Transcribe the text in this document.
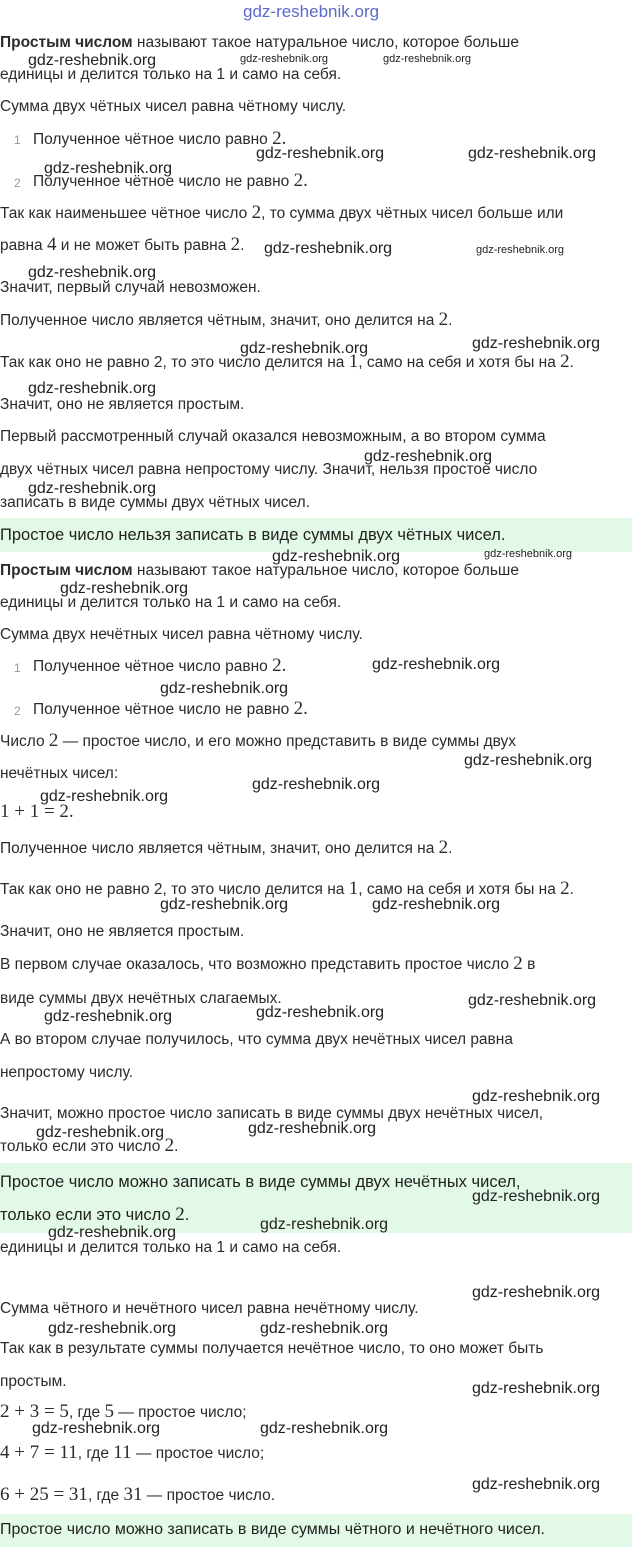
gdz-reshebnik.org
Простым числом называют такое натуральное число, которое больше
единицы и делится только на 1 и само на себя.
Сумма двух чётных чисел равна чётному числу.
1 Полученное чётное число равно 2.
2 Полученное чётное число не равно 2.
Так как наименьшее чётное число 2, то сумма двух чётных чисел больше или
равна 4 и не может быть равна 2.
Значит, первый случай невозможен.
Полученное число является чётным, значит, оно делится на 2.
Так как оно не равно 2, то это число делится на 1, само на себя и хотя бы на 2.
Значит, оно не является простым.
Первый рассмотренный случай оказался невозможным, а во втором сумма
двух чётных чисел равна непростому числу. Значит, нельзя простое число
записать в виде суммы двух чётных чисел.
Простое число нельзя записать в виде суммы двух чётных чисел.
Простым числом называют такое натуральное число, которое больше
единицы и делится только на 1 и само на себя.
Сумма двух нечётных чисел равна чётному числу.
1 Полученное чётное число равно 2.
2 Полученное чётное число не равно 2.
Число 2 — простое число, и его можно представить в виде суммы двух
нечётных чисел:
1 + 1 = 2.
Полученное число является чётным, значит, оно делится на 2.
Так как оно не равно 2, то это число делится на 1, само на себя и хотя бы на 2.
Значит, оно не является простым.
В первом случае оказалось, что возможно представить простое число 2 в
виде суммы двух нечётных слагаемых.
А во втором случае получилось, что сумма двух нечётных чисел равна
непростому числу.
Значит, можно простое число записать в виде суммы двух нечётных чисел,
только если это число 2.
Простое число можно записать в виде суммы двух нечётных чисел,
только если это число 2.
единицы и делится только на 1 и само на себя.
Сумма чётного и нечётного чисел равна нечётному числу.
Так как в результате суммы получается нечётное число, то оно может быть
простым.
2 + 3 = 5, где 5 — простое число;
4 + 7 = 11, где 11 — простое число;
6 + 25 = 31, где 31 — простое число.
Простое число можно записать в виде суммы чётного и нечётного чисел.
gdz-reshebnik.org	gdz-reshebnik.org
gdz-reshebnik.org
gdz-reshebnik.org	gdz-reshebnik.org
gdz-reshebnik.org
gdz-reshebnik.org	gdz-reshebnik.org
gdz-reshebnik.org
gdz-reshebnik.org
gdz-reshebnik.org
gdz-reshebnik.org
gdz-reshebnik.org
gdz-reshebnik.org
gdz-reshebnik.org	gdz-reshebnik.org
gdz-reshebnik.org
gdz-reshebnik.org
gdz-reshebnik.org
gdz-reshebnik.org
gdz-reshebnik.org
gdz-reshebnik.org
gdz-reshebnik.org	gdz-reshebnik.org
gdz-reshebnik.org
gdz-reshebnik.org
gdz-reshebnik.org
gdz-reshebnik.org
gdz-reshebnik.org
gdz-reshebnik.org
gdz-reshebnik.org
gdz-reshebnik.org	gdz-reshebnik.org
gdz-reshebnik.org
gdz-reshebnik.org	gdz-reshebnik.org
gdz-reshebnik.org
gdz-reshebnik.org	gdz-reshebnik.org
gdz-reshebnik.org
